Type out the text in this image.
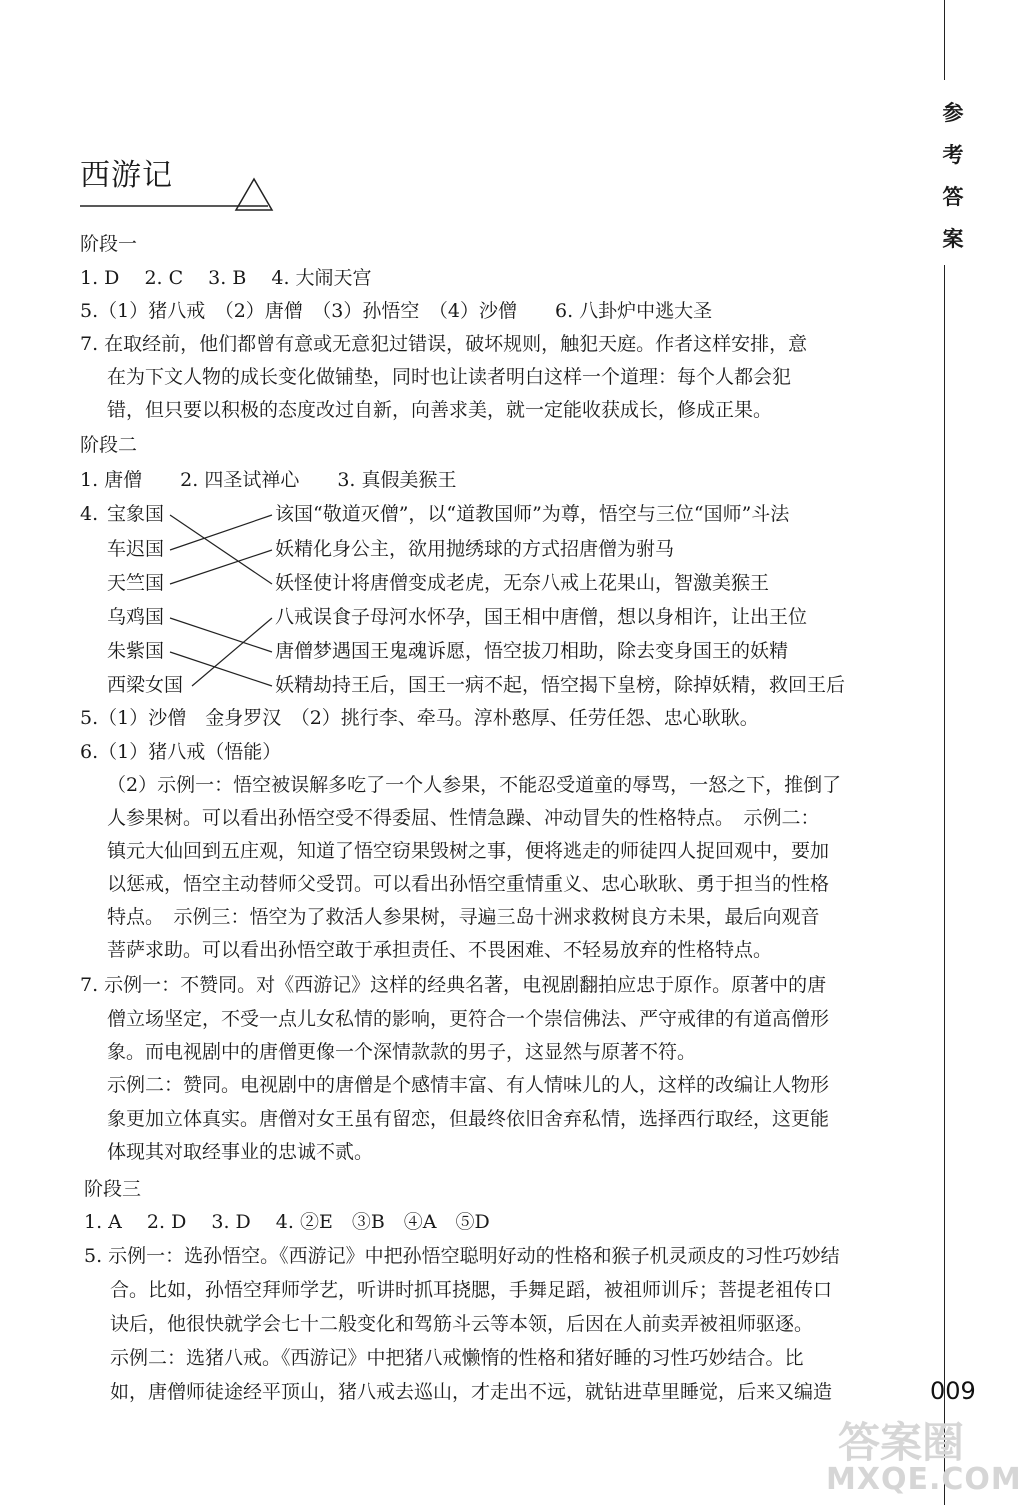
参
考
答
案
西游记
阶段一
1. D　 2. C　 3. B　 4. 大闹天宫
5.（1）猪八戒　（2）唐僧　（3）孙悟空　（4）沙僧　　6. 八卦炉中逃大圣
7. 在取经前，他们都曾有意或无意犯过错误，破坏规则，触犯天庭。作者这样安排，意
在为下文人物的成长变化做铺垫，同时也让读者明白这样一个道理：每个人都会犯
错，但只要以积极的态度改过自新，向善求美，就一定能收获成长，修成正果。
阶段二
1. 唐僧　　2. 四圣试禅心　　3. 真假美猴王
4. 宝象国
车迟国
天竺国
乌鸡国
朱紫国
西梁女国
该国“敬道灭僧”，以“道教国师”为尊，悟空与三位“国师”斗法
妖精化身公主，欲用抛绣球的方式招唐僧为驸马
妖怪使计将唐僧变成老虎，无奈八戒上花果山，智激美猴王
八戒误食子母河水怀孕，国王相中唐僧，想以身相许，让出王位
唐僧梦遇国王鬼魂诉愿，悟空拔刀相助，除去变身国王的妖精
妖精劫持王后，国王一病不起，悟空揭下皇榜，除掉妖精，救回王后
5.（1）沙僧　金身罗汉　（2）挑行李、牵马。淳朴憨厚、任劳任怨、忠心耿耿。
6.（1）猪八戒（悟能）
（2）示例一：悟空被误解多吃了一个人参果，不能忍受道童的辱骂，一怒之下，推倒了
人参果树。可以看出孙悟空受不得委屈、性情急躁、冲动冒失的性格特点。　示例二：
镇元大仙回到五庄观，知道了悟空窃果毁树之事，便将逃走的师徒四人捉回观中，要加
以惩戒，悟空主动替师父受罚。可以看出孙悟空重情重义、忠心耿耿、勇于担当的性格
特点。　示例三：悟空为了救活人参果树，寻遍三岛十洲求救树良方未果，最后向观音
菩萨求助。可以看出孙悟空敢于承担责任、不畏困难、不轻易放弃的性格特点。
7. 示例一：不赞同。对《西游记》这样的经典名著，电视剧翻拍应忠于原作。原著中的唐
僧立场坚定，不受一点儿女私情的影响，更符合一个崇信佛法、严守戒律的有道高僧形
象。而电视剧中的唐僧更像一个深情款款的男子，这显然与原著不符。
示例二：赞同。电视剧中的唐僧是个感情丰富、有人情味儿的人，这样的改编让人物形
象更加立体真实。唐僧对女王虽有留恋，但最终依旧舍弃私情，选择西行取经，这更能
体现其对取经事业的忠诚不贰。
阶段三
1. A　 2. D　 3. D　 4. ②E　③B　④A　⑤D
5. 示例一：选孙悟空。《西游记》中把孙悟空聪明好动的性格和猴子机灵顽皮的习性巧妙结
合。比如，孙悟空拜师学艺，听讲时抓耳挠腮，手舞足蹈，被祖师训斥；菩提老祖传口
诀后，他很快就学会七十二般变化和驾筋斗云等本领，后因在人前卖弄被祖师驱逐。
示例二：选猪八戒。《西游记》中把猪八戒懒惰的性格和猪好睡的习性巧妙结合。比
如，唐僧师徒途经平顶山，猪八戒去巡山，才走出不远，就钻进草里睡觉，后来又编造	009
答案圈
MXQE.COM
